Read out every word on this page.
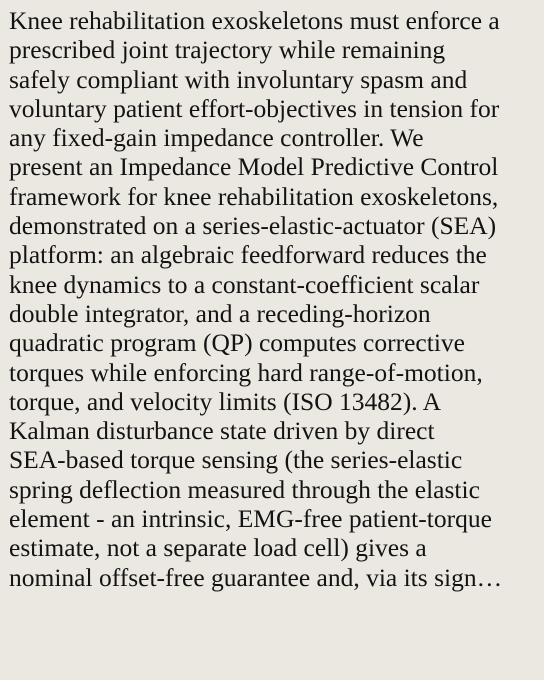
Knee rehabilitation exoskeletons must enforce a
prescribed joint trajectory while remaining
safely compliant with involuntary spasm and
voluntary patient effort-objectives in tension for
any fixed-gain impedance controller. We
present an Impedance Model Predictive Control
framework for knee rehabilitation exoskeletons,
demonstrated on a series-elastic-actuator (SEA)
platform: an algebraic feedforward reduces the
knee dynamics to a constant-coefficient scalar
double integrator, and a receding-horizon
quadratic program (QP) computes corrective
torques while enforcing hard range-of-motion,
torque, and velocity limits (ISO 13482). A
Kalman disturbance state driven by direct
SEA-based torque sensing (the series-elastic
spring deflection measured through the elastic
element - an intrinsic, EMG-free patient-torque
estimate, not a separate load cell) gives a
nominal offset-free guarantee and, via its sign…
